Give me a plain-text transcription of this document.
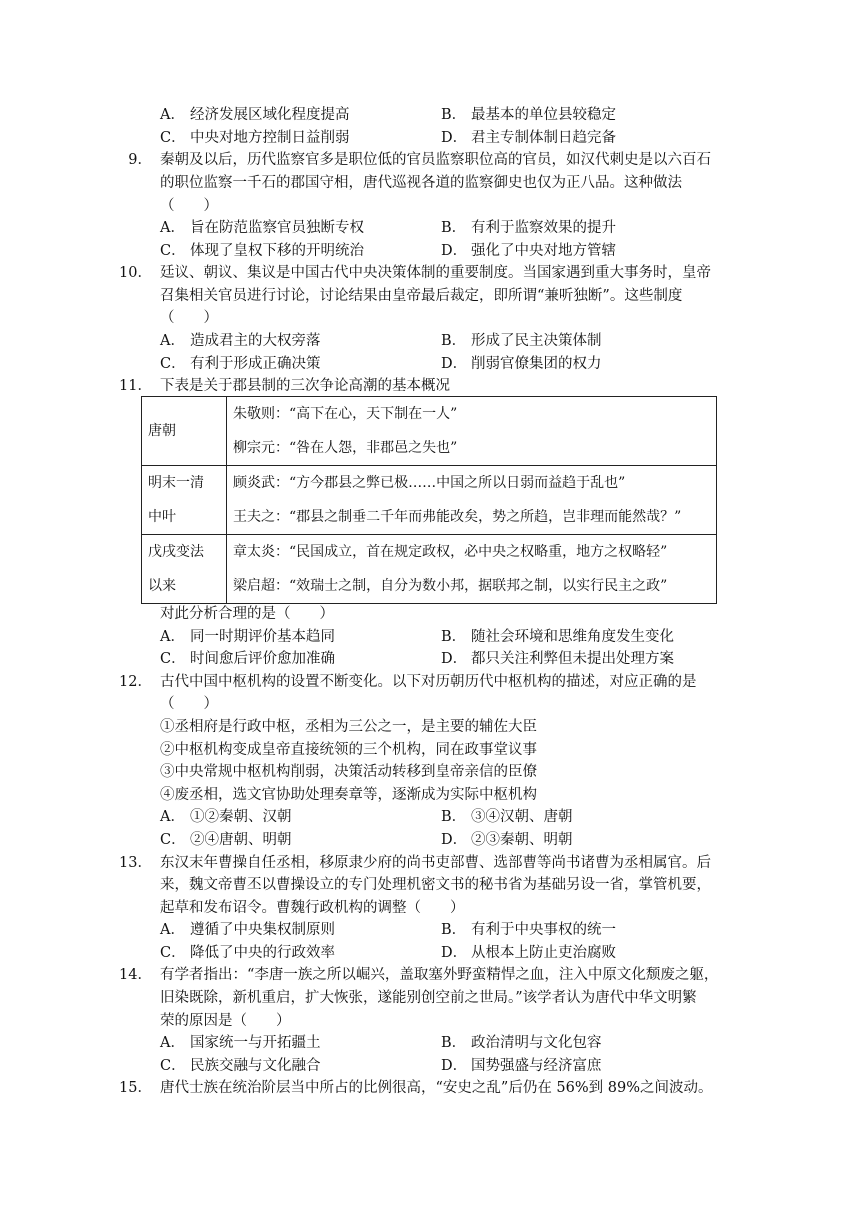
A． 经济发展区域化程度提高	B． 最基本的单位县较稳定
C． 中央对地方控制日益削弱	D． 君主专制体制日趋完备
9． 秦朝及以后，历代监察官多是职位低的官员监察职位高的官员，如汉代刺史是以六百石
的职位监察一千石的郡国守相，唐代巡视各道的监察御史也仅为正八品。这种做法
（　　）
A． 旨在防范监察官员独断专权	B． 有利于监察效果的提升
C． 体现了皇权下移的开明统治	D． 强化了中央对地方管辖
10． 廷议、朝议、集议是中国古代中央决策体制的重要制度。当国家遇到重大事务时，皇帝
召集相关官员进行讨论，讨论结果由皇帝最后裁定，即所谓“兼听独断”。这些制度
（　　）
A． 造成君主的大权旁落	B． 形成了民主决策体制
C． 有利于形成正确决策	D． 削弱官僚集团的权力
11． 下表是关于郡县制的三次争论高潮的基本概况
唐朝	朱敬则：“高下在心，天下制在一人”
柳宗元：“咎在人怨，非郡邑之失也”

明末一清
中叶	顾炎武：“方今郡县之弊已极……中国之所以日弱而益趋于乱也”
王夫之：“郡县之制垂二千年而弗能改矣，势之所趋，岂非理而能然哉？”

戊戌变法
以来	章太炎：“民国成立，首在规定政权，必中央之权略重，地方之权略轻”
梁启超：“效瑞士之制，自分为数小邦，据联邦之制，以实行民主之政”
对此分析合理的是（　　）
A． 同一时期评价基本趋同	B． 随社会环境和思维角度发生变化
C． 时间愈后评价愈加准确	D． 都只关注利弊但未提出处理方案
12． 古代中国中枢机构的设置不断变化。以下对历朝历代中枢机构的描述，对应正确的是
（　　）
①丞相府是行政中枢，丞相为三公之一，是主要的辅佐大臣
②中枢机构变成皇帝直接统领的三个机构，同在政事堂议事
③中央常规中枢机构削弱，决策活动转移到皇帝亲信的臣僚
④废丞相，选文官协助处理奏章等，逐渐成为实际中枢机构
A． ①②秦朝、汉朝	B． ③④汉朝、唐朝
C． ②④唐朝、明朝	D． ②③秦朝、明朝
13． 东汉末年曹操自任丞相，移原隶少府的尚书吏部曹、选部曹等尚书诸曹为丞相属官。后
来，魏文帝曹丕以曹操设立的专门处理机密文书的秘书省为基础另设一省，掌管机要，
起草和发布诏令。曹魏行政机构的调整（　　）
A． 遵循了中央集权制原则	B． 有利于中央事权的统一
C． 降低了中央的行政效率	D． 从根本上防止吏治腐败
14． 有学者指出：“李唐一族之所以崛兴，盖取塞外野蛮精悍之血，注入中原文化颓废之躯，
旧染既除，新机重启，扩大恢张，遂能别创空前之世局。”该学者认为唐代中华文明繁
荣的原因是（　　）
A． 国家统一与开拓疆土	B． 政治清明与文化包容
C． 民族交融与文化融合	D． 国势强盛与经济富庶
15． 唐代士族在统治阶层当中所占的比例很高，“安史之乱”后仍在 56%到 89%之间波动。
